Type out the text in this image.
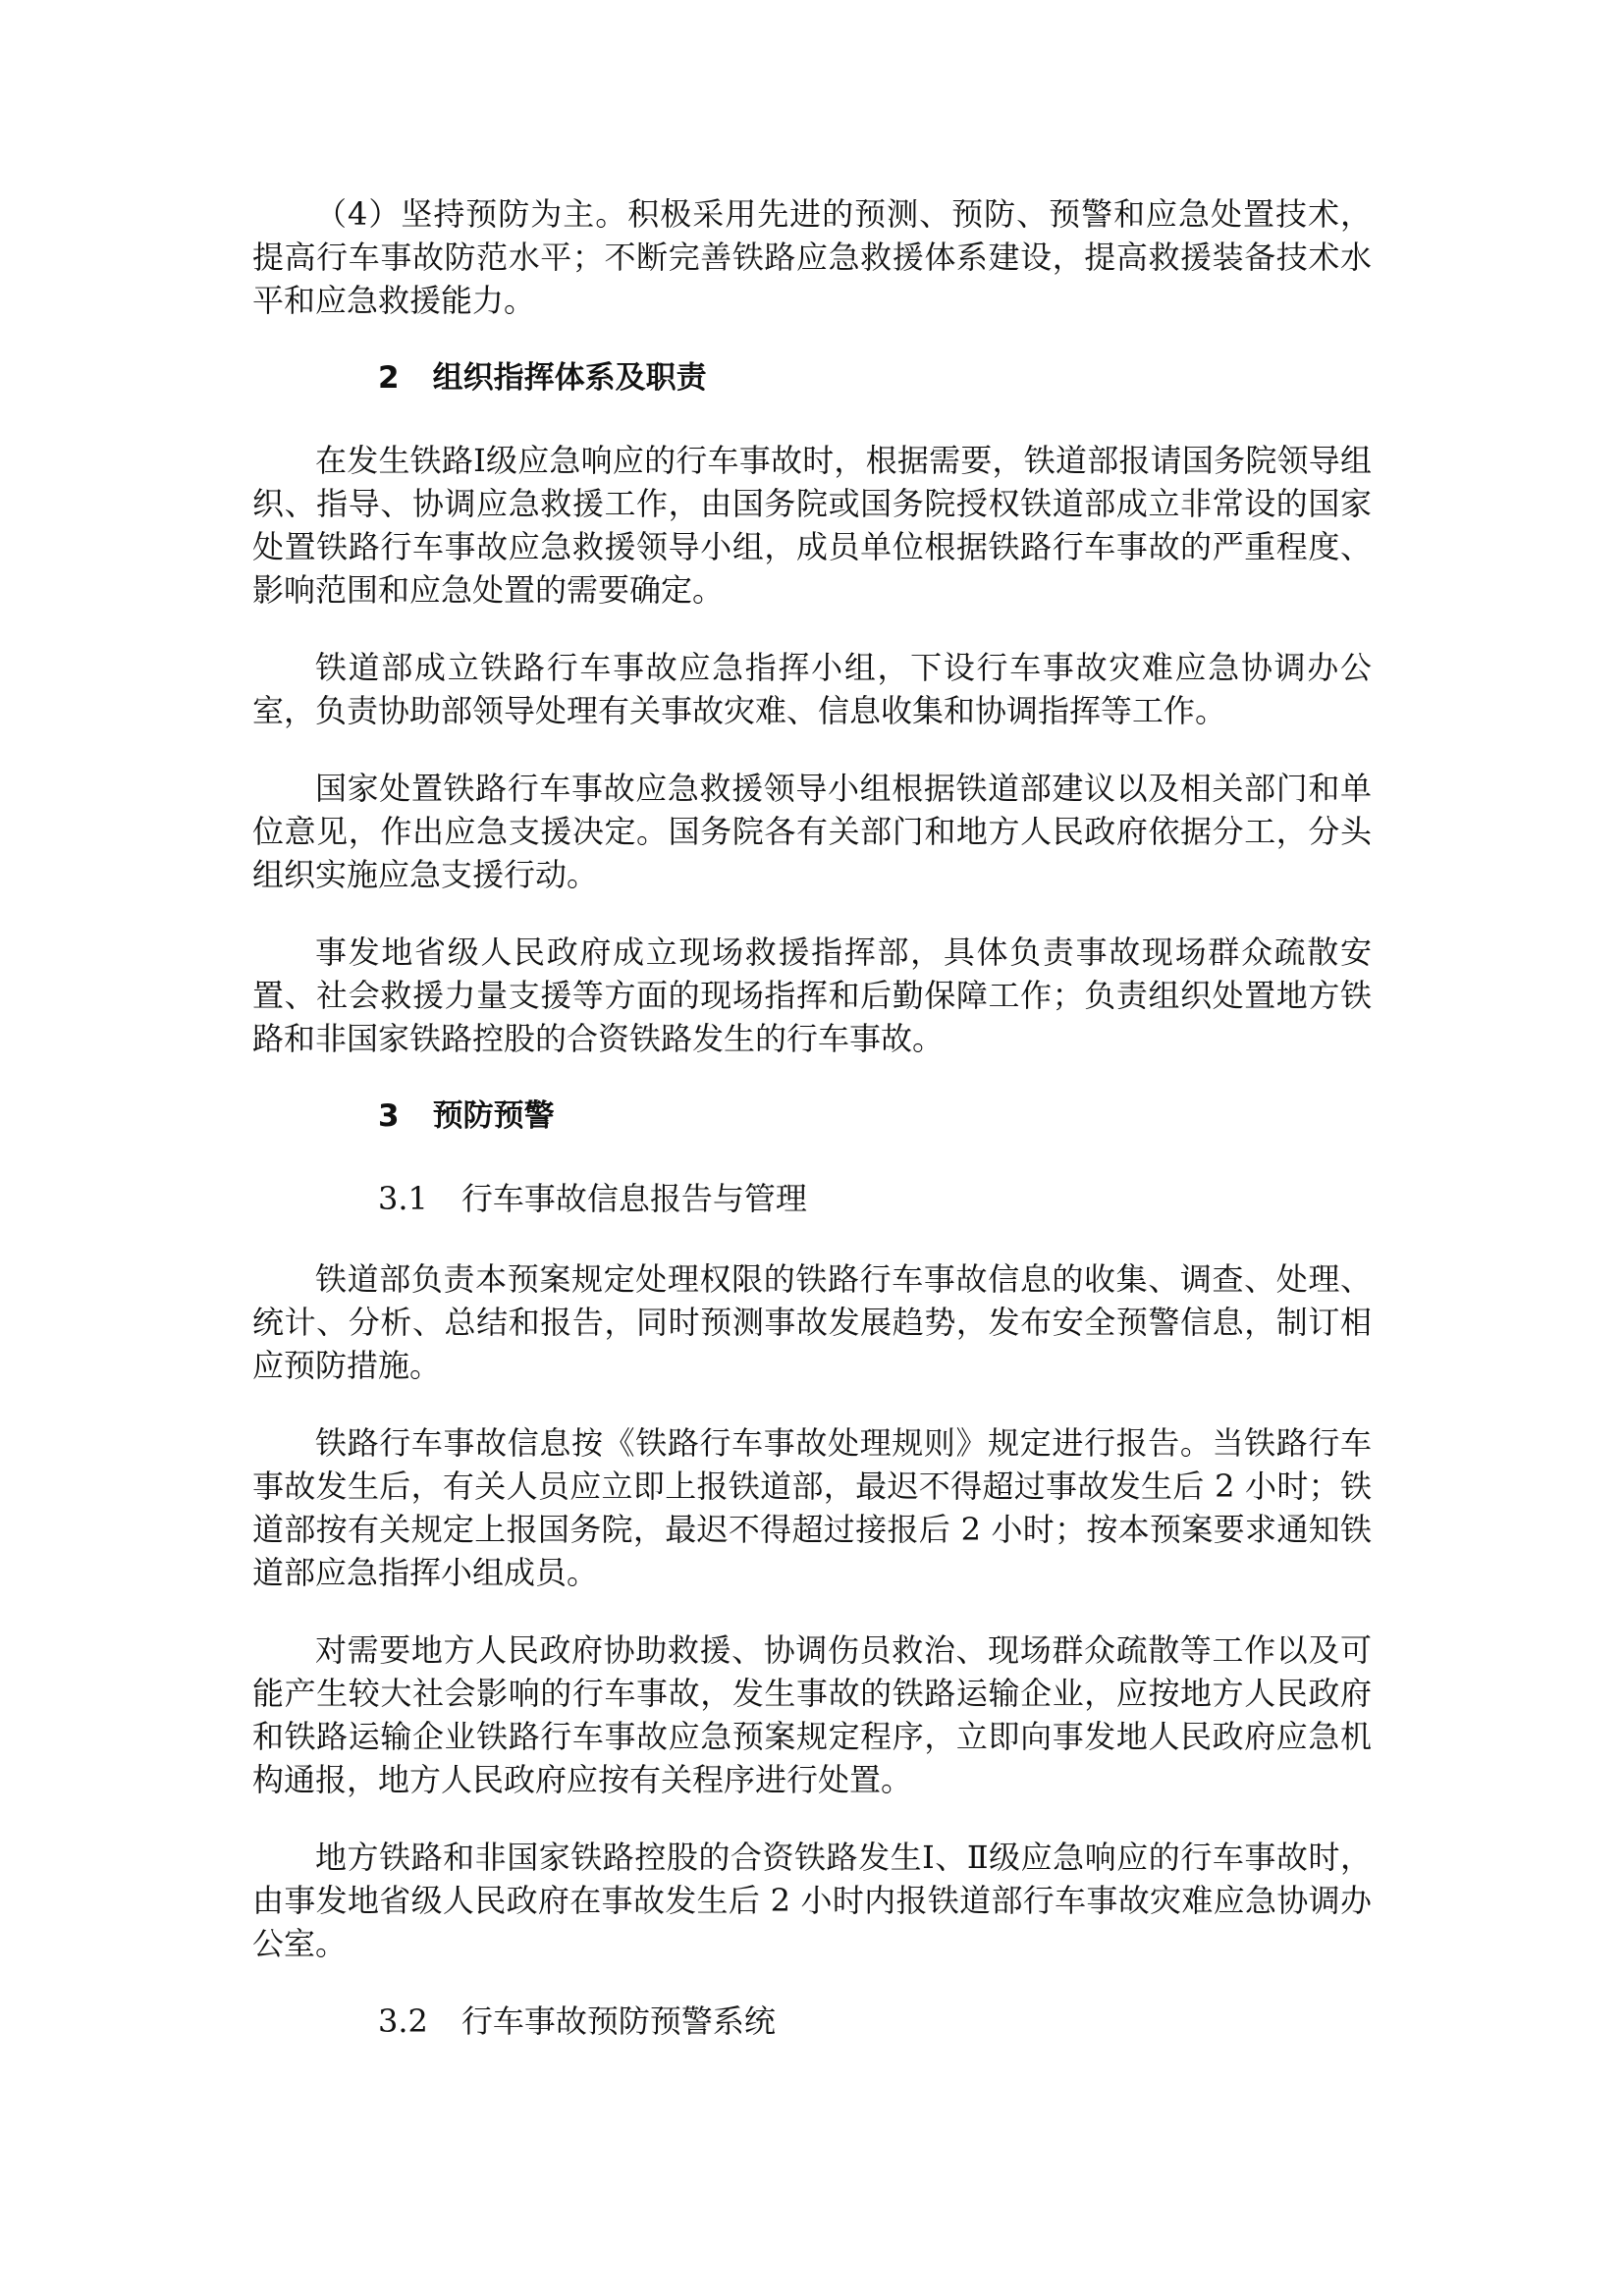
（4）坚持预防为主。积极采用先进的预测、预防、预警和应急处置技术，提高行车事故防范水平；不断完善铁路应急救援体系建设，提高救援装备技术水平和应急救援能力。

2 组织指挥体系及职责

在发生铁路Ⅰ级应急响应的行车事故时，根据需要，铁道部报请国务院领导组织、指导、协调应急救援工作，由国务院或国务院授权铁道部成立非常设的国家处置铁路行车事故应急救援领导小组，成员单位根据铁路行车事故的严重程度、影响范围和应急处置的需要确定。

铁道部成立铁路行车事故应急指挥小组，下设行车事故灾难应急协调办公室，负责协助部领导处理有关事故灾难、信息收集和协调指挥等工作。

国家处置铁路行车事故应急救援领导小组根据铁道部建议以及相关部门和单位意见，作出应急支援决定。国务院各有关部门和地方人民政府依据分工，分头组织实施应急支援行动。

事发地省级人民政府成立现场救援指挥部，具体负责事故现场群众疏散安置、社会救援力量支援等方面的现场指挥和后勤保障工作；负责组织处置地方铁路和非国家铁路控股的合资铁路发生的行车事故。

3 预防预警
3.1 行车事故信息报告与管理

铁道部负责本预案规定处理权限的铁路行车事故信息的收集、调查、处理、统计、分析、总结和报告，同时预测事故发展趋势，发布安全预警信息，制订相应预防措施。

铁路行车事故信息按《铁路行车事故处理规则》规定进行报告。当铁路行车事故发生后，有关人员应立即上报铁道部，最迟不得超过事故发生后 2 小时；铁道部按有关规定上报国务院，最迟不得超过接报后 2 小时；按本预案要求通知铁道部应急指挥小组成员。

对需要地方人民政府协助救援、协调伤员救治、现场群众疏散等工作以及可能产生较大社会影响的行车事故，发生事故的铁路运输企业，应按地方人民政府和铁路运输企业铁路行车事故应急预案规定程序，立即向事发地人民政府应急机构通报，地方人民政府应按有关程序进行处置。

地方铁路和非国家铁路控股的合资铁路发生Ⅰ、Ⅱ级应急响应的行车事故时，由事发地省级人民政府在事故发生后 2 小时内报铁道部行车事故灾难应急协调办公室。

3.2 行车事故预防预警系统
